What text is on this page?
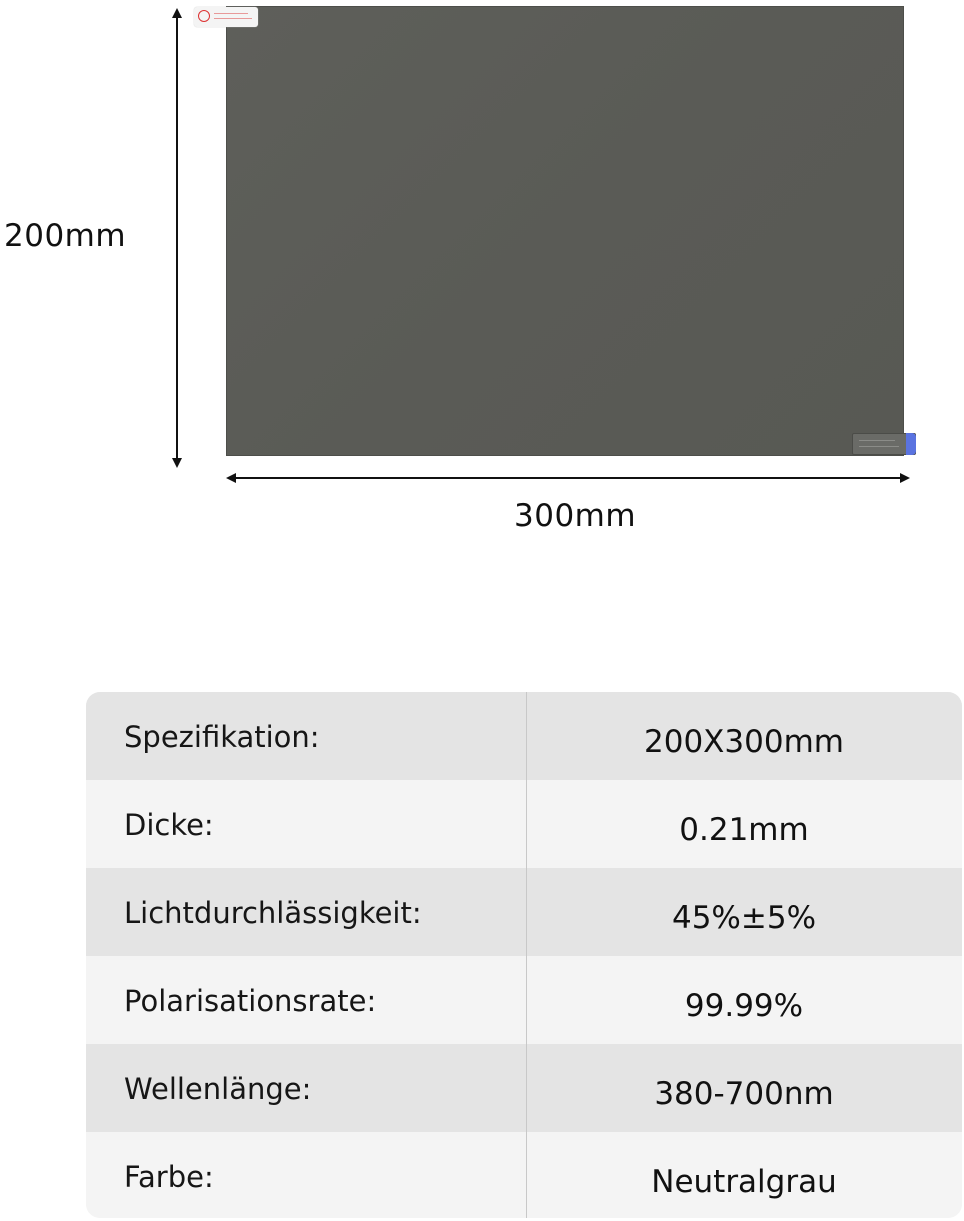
200mm
300mm
Spezifikation:	200X300mm
Dicke:	0.21mm
Lichtdurchlässigkeit:	45%±5%
Polarisationsrate:	99.99%
Wellenlänge:	380-700nm
Farbe:	Neutralgrau
